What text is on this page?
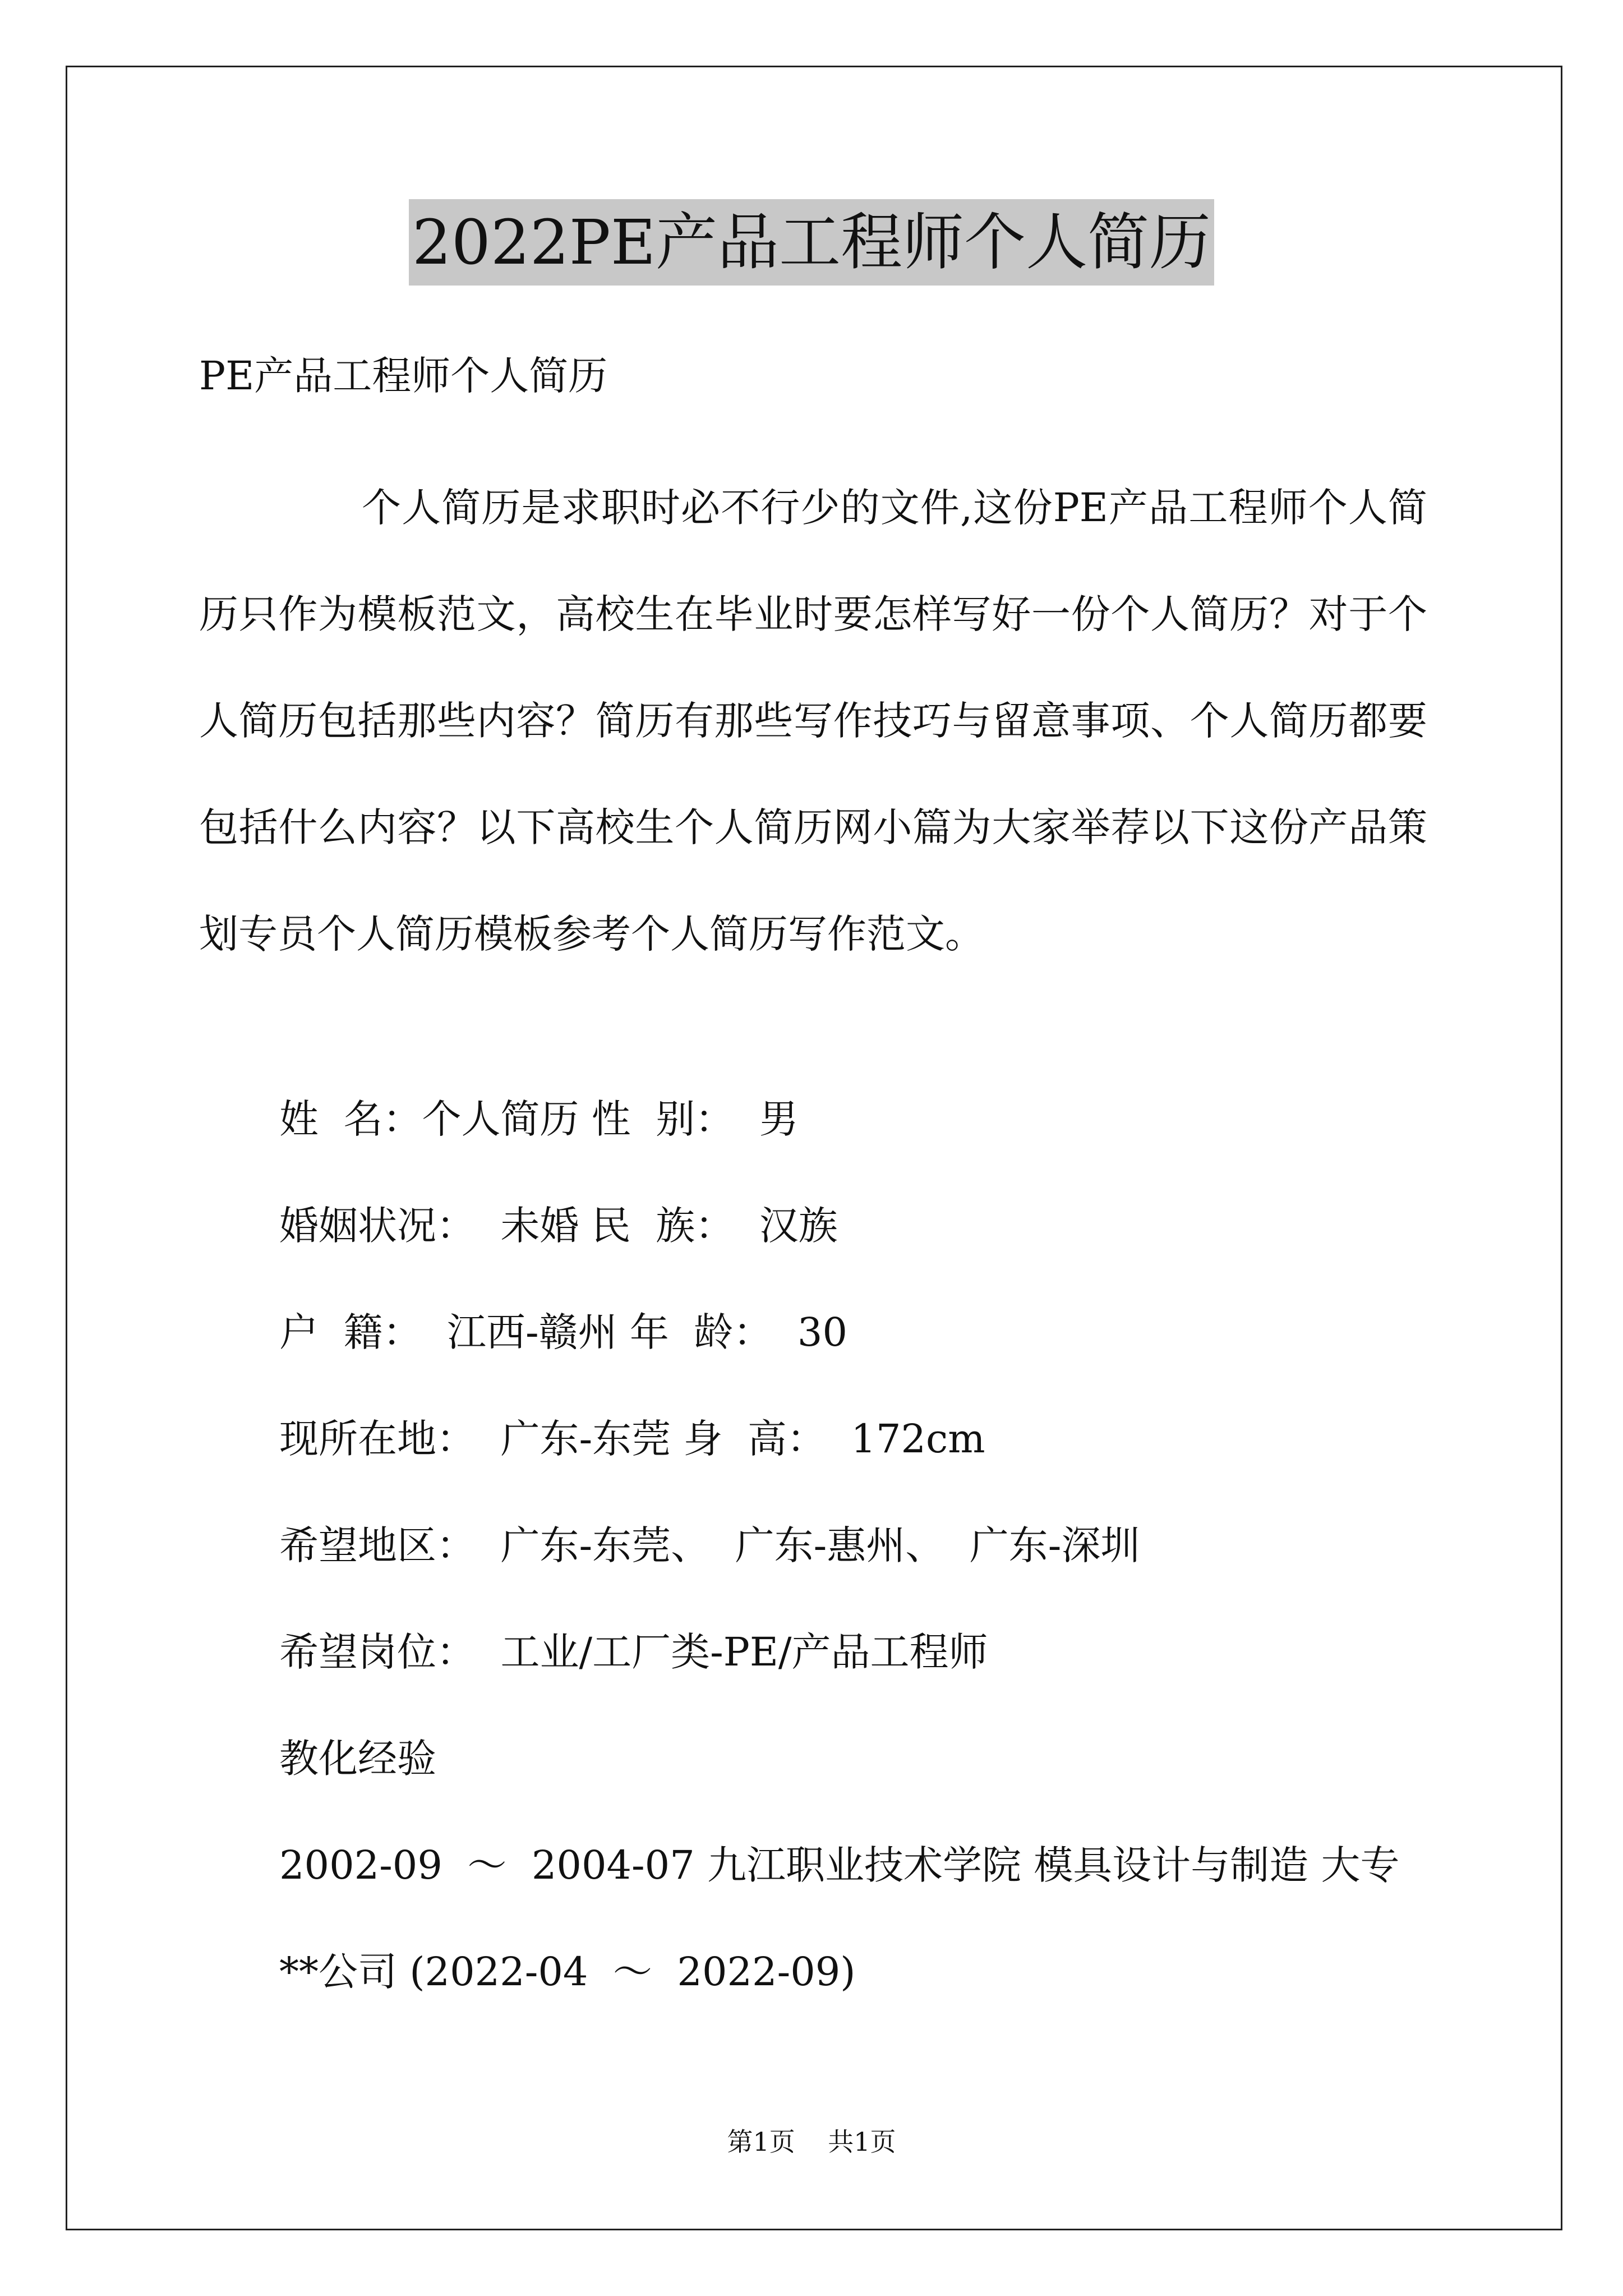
2022PE产品工程师个人简历
PE产品工程师个人简历
个人简历是求职时必不行少的文件,这份PE产品工程师个人简历只作为模板范文，高校生在毕业时要怎样写好一份个人简历？对于个人简历包括那些内容？简历有那些写作技巧与留意事项、个人简历都要包括什么内容？以下高校生个人简历网小篇为大家举荐以下这份产品策划专员个人简历模板参考个人简历写作范文。
姓  名：个人简历 性  别：  男
婚姻状况：  未婚 民  族：  汉族
户  籍：  江西-赣州 年  龄：  30
现所在地：  广东-东莞 身  高：  172cm
希望地区：  广东-东莞、  广东-惠州、  广东-深圳
希望岗位：  工业/工厂类-PE/产品工程师
教化经验
2002-09  ～  2004-07 九江职业技术学院 模具设计与制造 大专
**公司 (2022-04  ～  2022-09)
第1页    共1页
